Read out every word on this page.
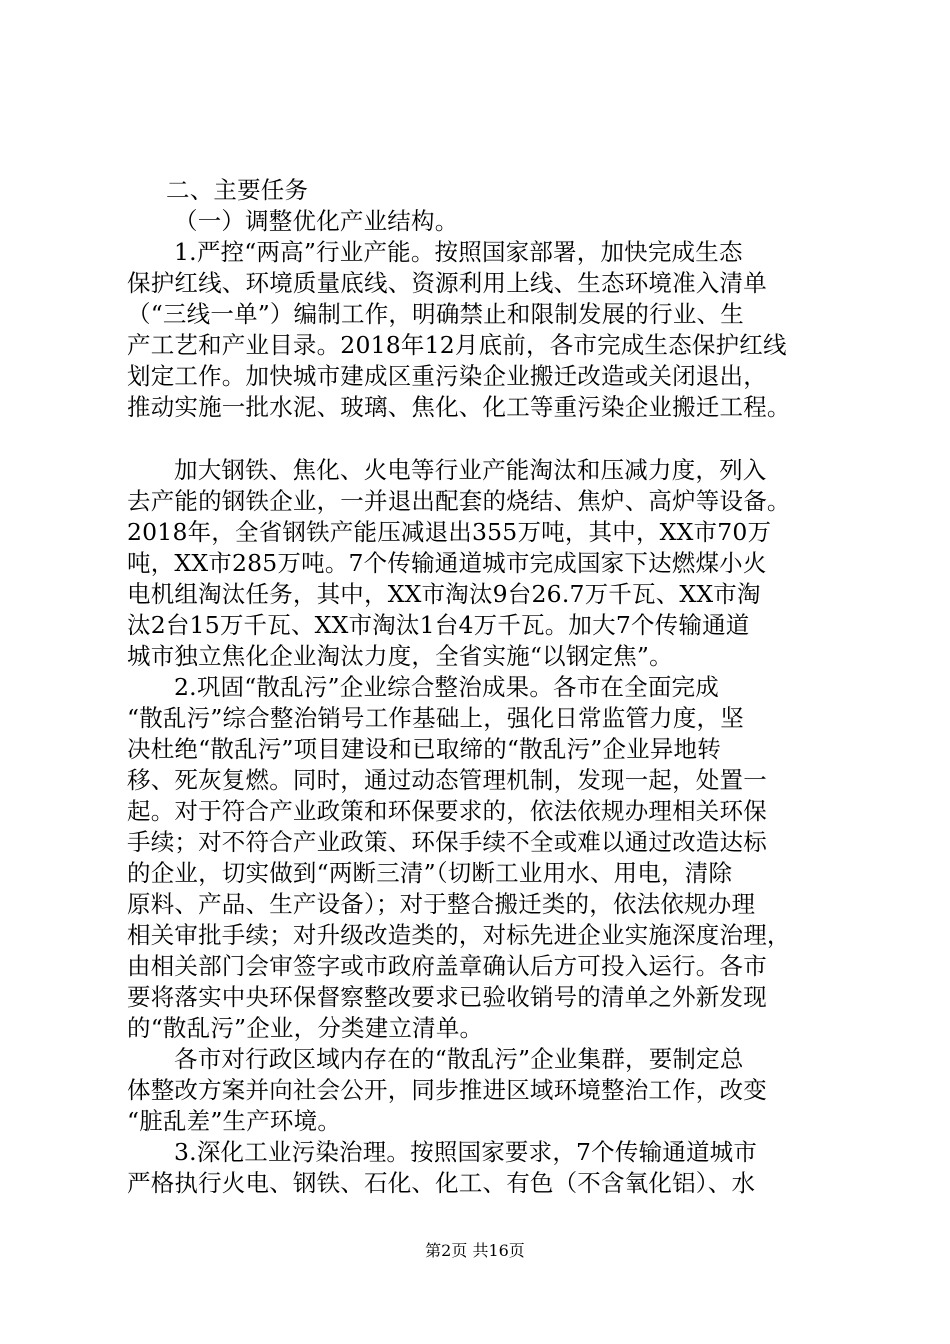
二、主要任务
（一）调整优化产业结构。
1.严控“两高”行业产能。按照国家部署，加快完成生态
保护红线、环境质量底线、资源利用上线、生态环境准入清单
（“三线一单”）编制工作，明确禁止和限制发展的行业、生
产工艺和产业目录。2018年12月底前，各市完成生态保护红线
划定工作。加快城市建成区重污染企业搬迁改造或关闭退出，
推动实施一批水泥、玻璃、焦化、化工等重污染企业搬迁工程。
加大钢铁、焦化、火电等行业产能淘汰和压减力度，列入
去产能的钢铁企业，一并退出配套的烧结、焦炉、高炉等设备。
2018年，全省钢铁产能压减退出355万吨，其中，XX市70万
吨，XX市285万吨。7个传输通道城市完成国家下达燃煤小火
电机组淘汰任务，其中，XX市淘汰9台26.7万千瓦、XX市淘
汰2台15万千瓦、XX市淘汰1台4万千瓦。加大7个传输通道
城市独立焦化企业淘汰力度，全省实施“以钢定焦”。
2.巩固“散乱污”企业综合整治成果。各市在全面完成
“散乱污”综合整治销号工作基础上，强化日常监管力度，坚
决杜绝“散乱污”项目建设和已取缔的“散乱污”企业异地转
移、死灰复燃。同时，通过动态管理机制，发现一起，处置一
起。对于符合产业政策和环保要求的，依法依规办理相关环保
手续；对不符合产业政策、环保手续不全或难以通过改造达标
的企业，切实做到“两断三清”（切断工业用水、用电，清除
原料、产品、生产设备）；对于整合搬迁类的，依法依规办理
相关审批手续；对升级改造类的，对标先进企业实施深度治理，
由相关部门会审签字或市政府盖章确认后方可投入运行。各市
要将落实中央环保督察整改要求已验收销号的清单之外新发现
的“散乱污”企业，分类建立清单。
各市对行政区域内存在的“散乱污”企业集群，要制定总
体整改方案并向社会公开，同步推进区域环境整治工作，改变
“脏乱差”生产环境。
3.深化工业污染治理。按照国家要求，7个传输通道城市
严格执行火电、钢铁、石化、化工、有色（不含氧化铝）、水
第2页 共16页
